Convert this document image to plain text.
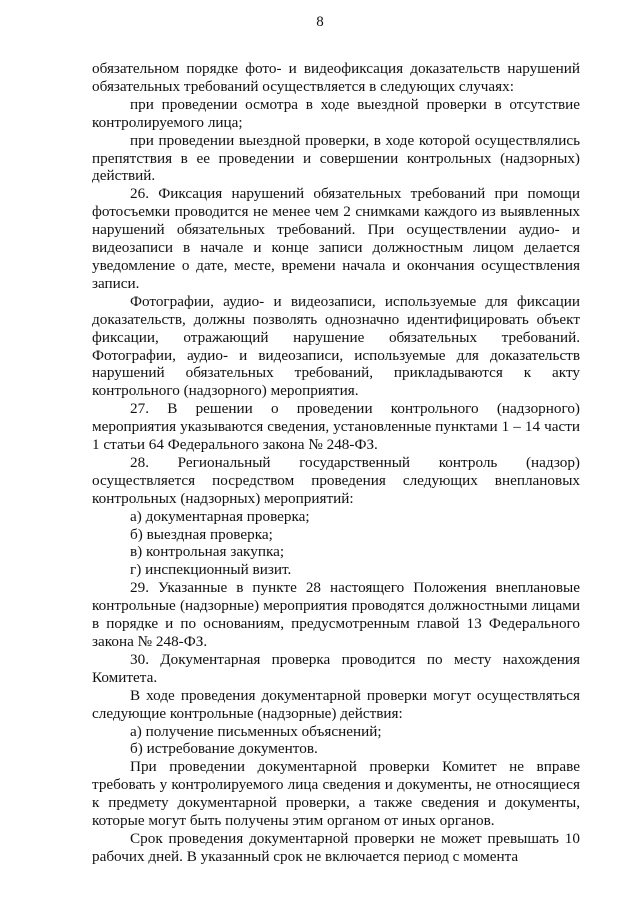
8

обязательном порядке фото- и видеофиксация доказательств нарушений обязательных требований осуществляется в следующих случаях:

при проведении осмотра в ходе выездной проверки в отсутствие контролируемого лица;

при проведении выездной проверки, в ходе которой осуществлялись препятствия в ее проведении и совершении контрольных (надзорных) действий.

26. Фиксация нарушений обязательных требований при помощи фотосъемки проводится не менее чем 2 снимками каждого из выявленных нарушений обязательных требований. При осуществлении аудио- и видеозаписи в начале и конце записи должностным лицом делается уведомление о дате, месте, времени начала и окончания осуществления записи.

Фотографии, аудио- и видеозаписи, используемые для фиксации доказательств, должны позволять однозначно идентифицировать объект фиксации, отражающий нарушение обязательных требований. Фотографии, аудио- и видеозаписи, используемые для доказательств нарушений обязательных требований, прикладываются к акту контрольного (надзорного) мероприятия.

27. В решении о проведении контрольного (надзорного) мероприятия указываются сведения, установленные пунктами 1 – 14 части 1 статьи 64 Федерального закона № 248-ФЗ.

28. Региональный государственный контроль (надзор) осуществляется посредством проведения следующих внеплановых контрольных (надзорных) мероприятий:

а) документарная проверка;

б) выездная проверка;

в) контрольная закупка;

г) инспекционный визит.

29. Указанные в пункте 28 настоящего Положения внеплановые контрольные (надзорные) мероприятия проводятся должностными лицами в порядке и по основаниям, предусмотренным главой 13 Федерального закона № 248-ФЗ.

30. Документарная проверка проводится по месту нахождения Комитета.

В ходе проведения документарной проверки могут осуществляться следующие контрольные (надзорные) действия:

а) получение письменных объяснений;

б) истребование документов.

При проведении документарной проверки Комитет не вправе требовать у контролируемого лица сведения и документы, не относящиеся к предмету документарной проверки, а также сведения и документы, которые могут быть получены этим органом от иных органов.

Срок проведения документарной проверки не может превышать 10 рабочих дней. В указанный срок не включается период с момента
